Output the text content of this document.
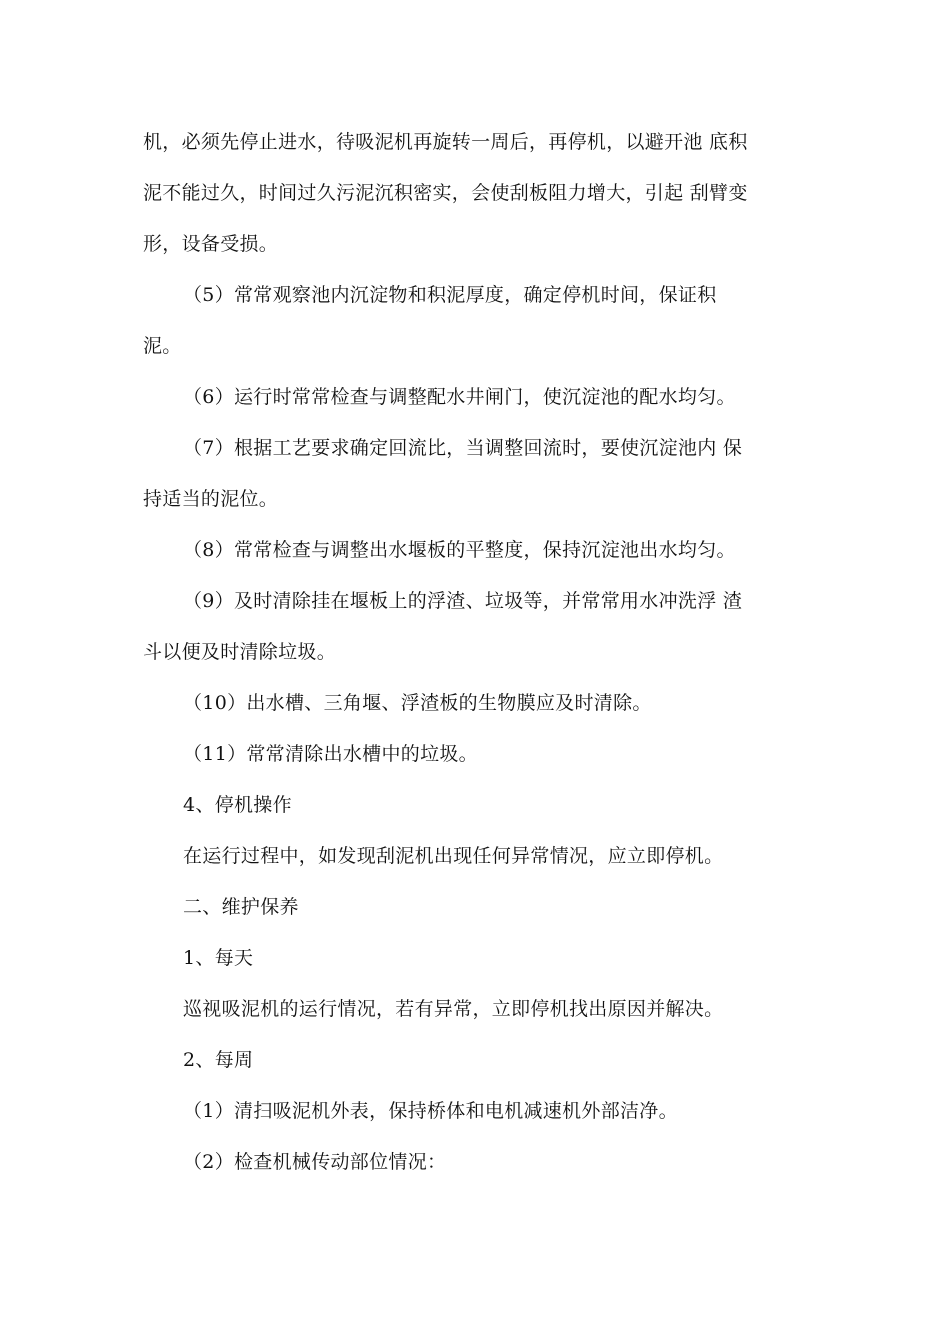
机，必须先停止进水，待吸泥机再旋转一周后，再停机，以避开池 底积
泥不能过久，时间过久污泥沉积密实，会使刮板阻力增大，引起 刮臂变
形，设备受损。
（5）常常观察池内沉淀物和积泥厚度，确定停机时间，保证积
泥。
（6）运行时常常检查与调整配水井闸门，使沉淀池的配水均匀。
（7）根据工艺要求确定回流比，当调整回流时，要使沉淀池内 保
持适当的泥位。
（8）常常检查与调整出水堰板的平整度，保持沉淀池出水均匀。
（9）及时清除挂在堰板上的浮渣、垃圾等，并常常用水冲洗浮 渣
斗以便及时清除垃圾。
（10）出水槽、三角堰、浮渣板的生物膜应及时清除。
（11）常常清除出水槽中的垃圾。
4、停机操作
在运行过程中，如发现刮泥机出现任何异常情况，应立即停机。
二、维护保养
1、每天
巡视吸泥机的运行情况，若有异常，立即停机找出原因并解决。
2、每周
（1）清扫吸泥机外表，保持桥体和电机减速机外部洁净。
（2）检查机械传动部位情况：
